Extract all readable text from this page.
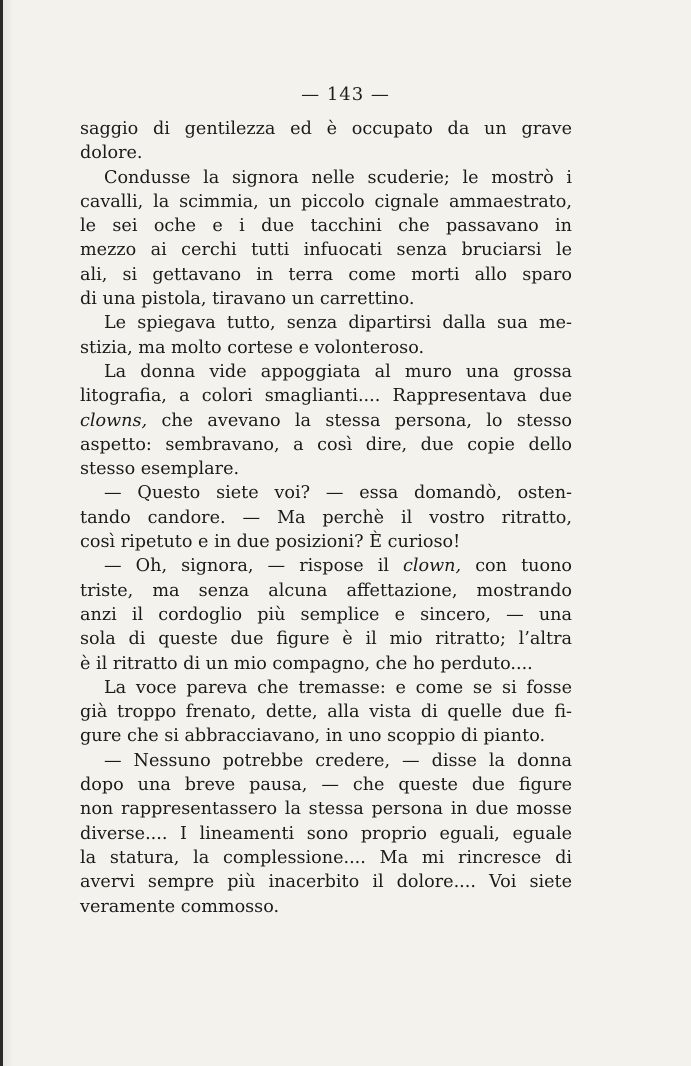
— 143 —
saggio di gentilezza ed è occupato da un grave
dolore.
Condusse la signora nelle scuderie; le mostrò i
cavalli, la scimmia, un piccolo cignale ammaestrato,
le sei oche e i due tacchini che passavano in
mezzo ai cerchi tutti infuocati senza bruciarsi le
ali, si gettavano in terra come morti allo sparo
di una pistola, tiravano un carrettino.
Le spiegava tutto, senza dipartirsi dalla sua me-
stizia, ma molto cortese e volonteroso.
La donna vide appoggiata al muro una grossa
litografia, a colori smaglianti.... Rappresentava due
clowns, che avevano la stessa persona, lo stesso
aspetto: sembravano, a così dire, due copie dello
stesso esemplare.
— Questo siete voi? — essa domandò, osten-
tando candore. — Ma perchè il vostro ritratto,
così ripetuto e in due posizioni? È curioso!
— Oh, signora, — rispose il clown, con tuono
triste, ma senza alcuna affettazione, mostrando
anzi il cordoglio più semplice e sincero, — una
sola di queste due figure è il mio ritratto; l’altra
è il ritratto di un mio compagno, che ho perduto....
La voce pareva che tremasse: e come se si fosse
già troppo frenato, dette, alla vista di quelle due fi-
gure che si abbracciavano, in uno scoppio di pianto.
— Nessuno potrebbe credere, — disse la donna
dopo una breve pausa, — che queste due figure
non rappresentassero la stessa persona in due mosse
diverse.... I lineamenti sono proprio eguali, eguale
la statura, la complessione.... Ma mi rincresce di
avervi sempre più inacerbito il dolore.... Voi siete
veramente commosso.
